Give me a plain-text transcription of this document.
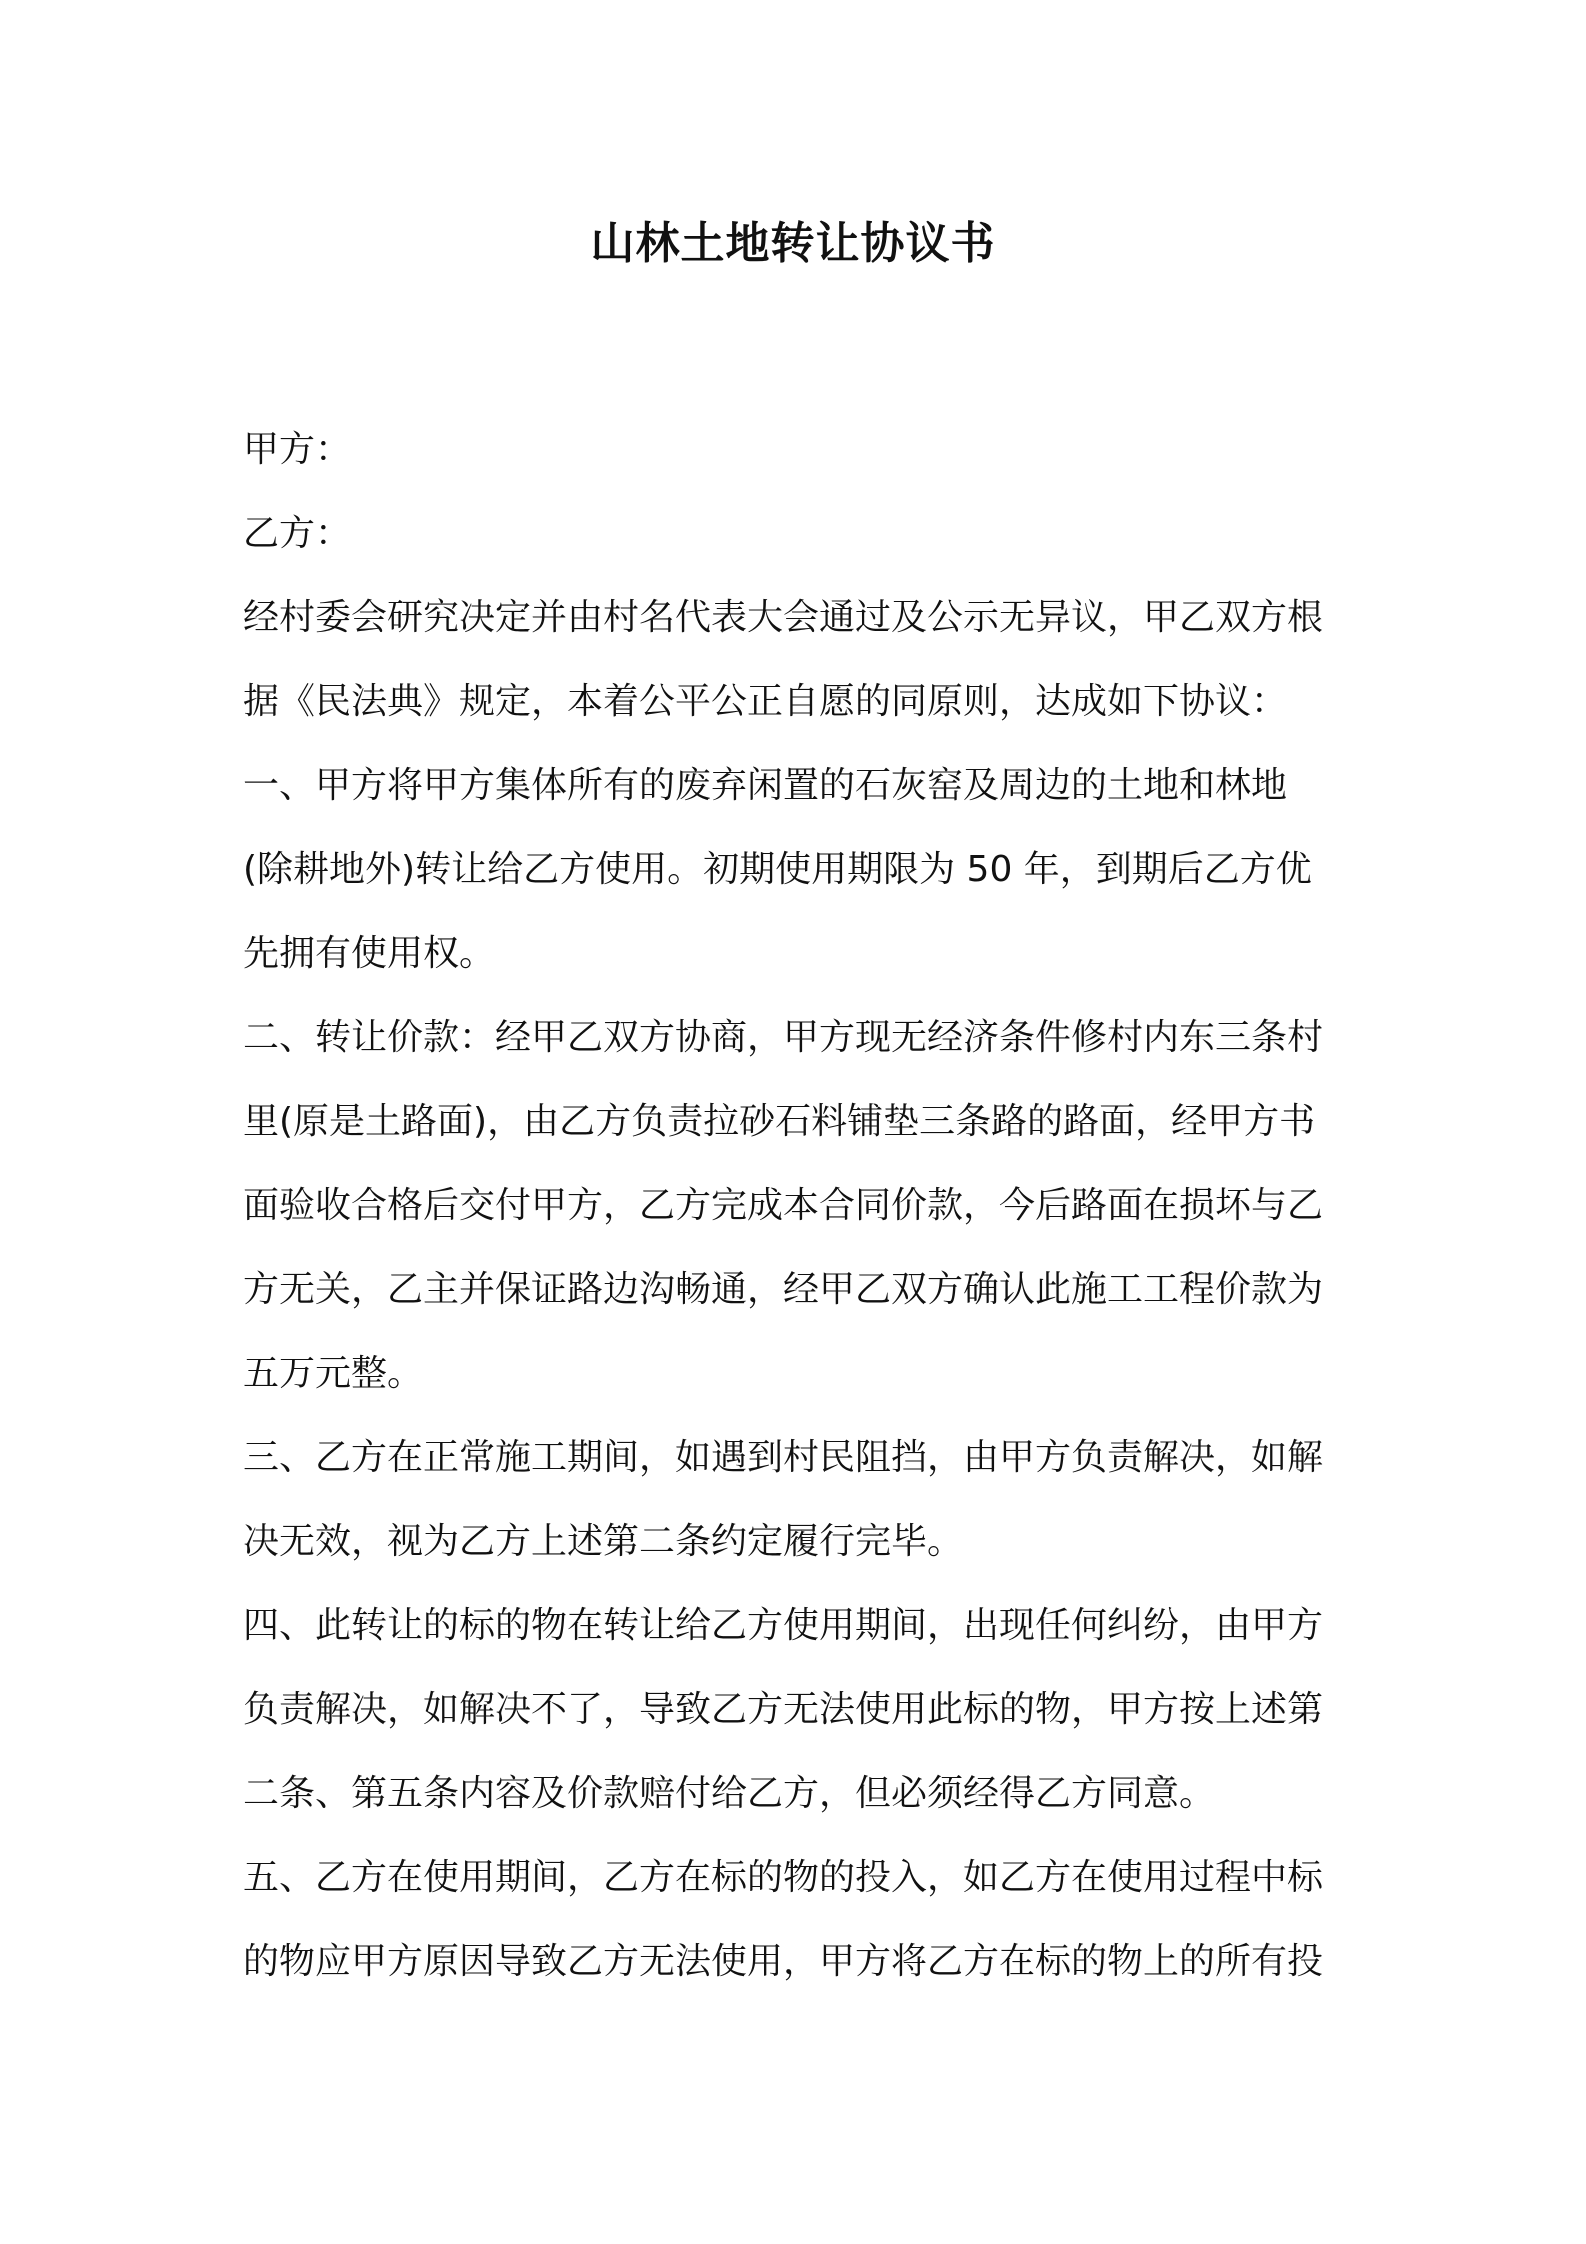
山林土地转让协议书
甲方：
乙方：
经村委会研究决定并由村名代表大会通过及公示无异议，甲乙双方根
据《民法典》规定，本着公平公正自愿的同原则，达成如下协议：
一、甲方将甲方集体所有的废弃闲置的石灰窑及周边的土地和林地
(除耕地外)转让给乙方使用。初期使用期限为 50 年，到期后乙方优
先拥有使用权。
二、转让价款：经甲乙双方协商，甲方现无经济条件修村内东三条村
里(原是土路面)，由乙方负责拉砂石料铺垫三条路的路面，经甲方书
面验收合格后交付甲方，乙方完成本合同价款，今后路面在损坏与乙
方无关，乙主并保证路边沟畅通，经甲乙双方确认此施工工程价款为
五万元整。
三、乙方在正常施工期间，如遇到村民阻挡，由甲方负责解决，如解
决无效，视为乙方上述第二条约定履行完毕。
四、此转让的标的物在转让给乙方使用期间，出现任何纠纷，由甲方
负责解决，如解决不了，导致乙方无法使用此标的物，甲方按上述第
二条、第五条内容及价款赔付给乙方，但必须经得乙方同意。
五、乙方在使用期间，乙方在标的物的投入，如乙方在使用过程中标
的物应甲方原因导致乙方无法使用，甲方将乙方在标的物上的所有投
